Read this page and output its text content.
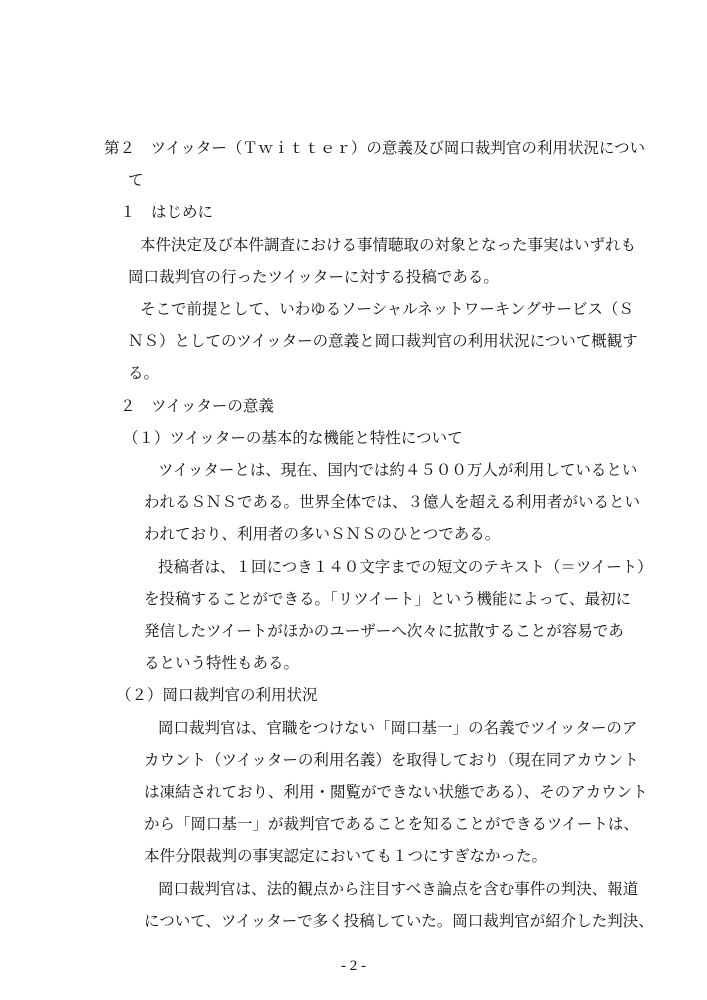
第２　ツイッター（Ｔｗｉｔｔｅｒ）の意義及び岡口裁判官の利用状況につい
て
１　はじめに
本件決定及び本件調査における事情聴取の対象となった事実はいずれも
岡口裁判官の行ったツイッターに対する投稿である。
そこで前提として、いわゆるソーシャルネットワーキングサービス（Ｓ
ＮＳ）としてのツイッターの意義と岡口裁判官の利用状況について概観す
る。
２　ツイッターの意義
（１）ツイッターの基本的な機能と特性について
ツイッターとは、現在、国内では約４５００万人が利用しているとい
われるＳＮＳである。世界全体では、３億人を超える利用者がいるとい
われており、利用者の多いＳＮＳのひとつである。
投稿者は、１回につき１４０文字までの短文のテキスト（＝ツイート）
を投稿することができる。「リツイート」という機能によって、最初に
発信したツイートがほかのユーザーへ次々に拡散することが容易であ
るという特性もある。
（２）岡口裁判官の利用状況
岡口裁判官は、官職をつけない「岡口基一」の名義でツイッターのア
カウント（ツイッターの利用名義）を取得しており（現在同アカウント
は凍結されており、利用・閲覧ができない状態である）、そのアカウント
から「岡口基一」が裁判官であることを知ることができるツイートは、
本件分限裁判の事実認定においても１つにすぎなかった。
岡口裁判官は、法的観点から注目すべき論点を含む事件の判決、報道
について、ツイッターで多く投稿していた。岡口裁判官が紹介した判決、
- 2 -
